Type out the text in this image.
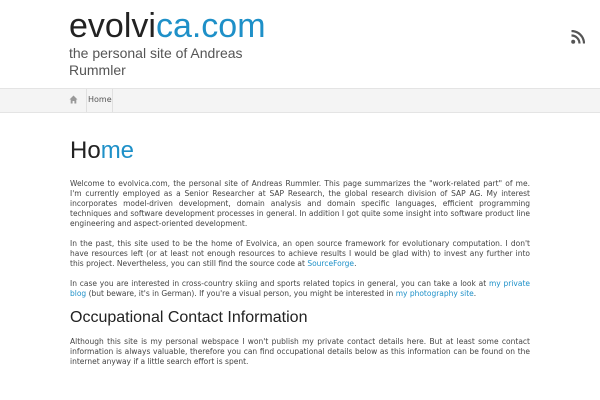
evolvica.com
the personal site of Andreas Rummler
Home
Home

Welcome to evolvica.com, the personal site of Andreas Rummler. This page summarizes the "work-related part" of me. I'm currently employed as a Senior Researcher at SAP Research, the global research division of SAP AG. My interest incorporates model-driven development, domain analysis and domain specific languages, efficient programming techniques and software development processes in general. In addition I got quite some insight into software product line engineering and aspect-oriented development.

In the past, this site used to be the home of Evolvica, an open source framework for evolutionary computation. I don't have resources left (or at least not enough resources to achieve results I would be glad with) to invest any further into this project. Nevertheless, you can still find the source code at SourceForge.

In case you are interested in cross-country skiing and sports related topics in general, you can take a look at my private blog (but beware, it's in German). If you're a visual person, you might be interested in my photography site.

Occupational Contact Information

Although this site is my personal webspace I won't publish my private contact details here. But at least some contact information is always valuable, therefore you can find occupational details below as this information can be found on the internet anyway if a little search effort is spent.
